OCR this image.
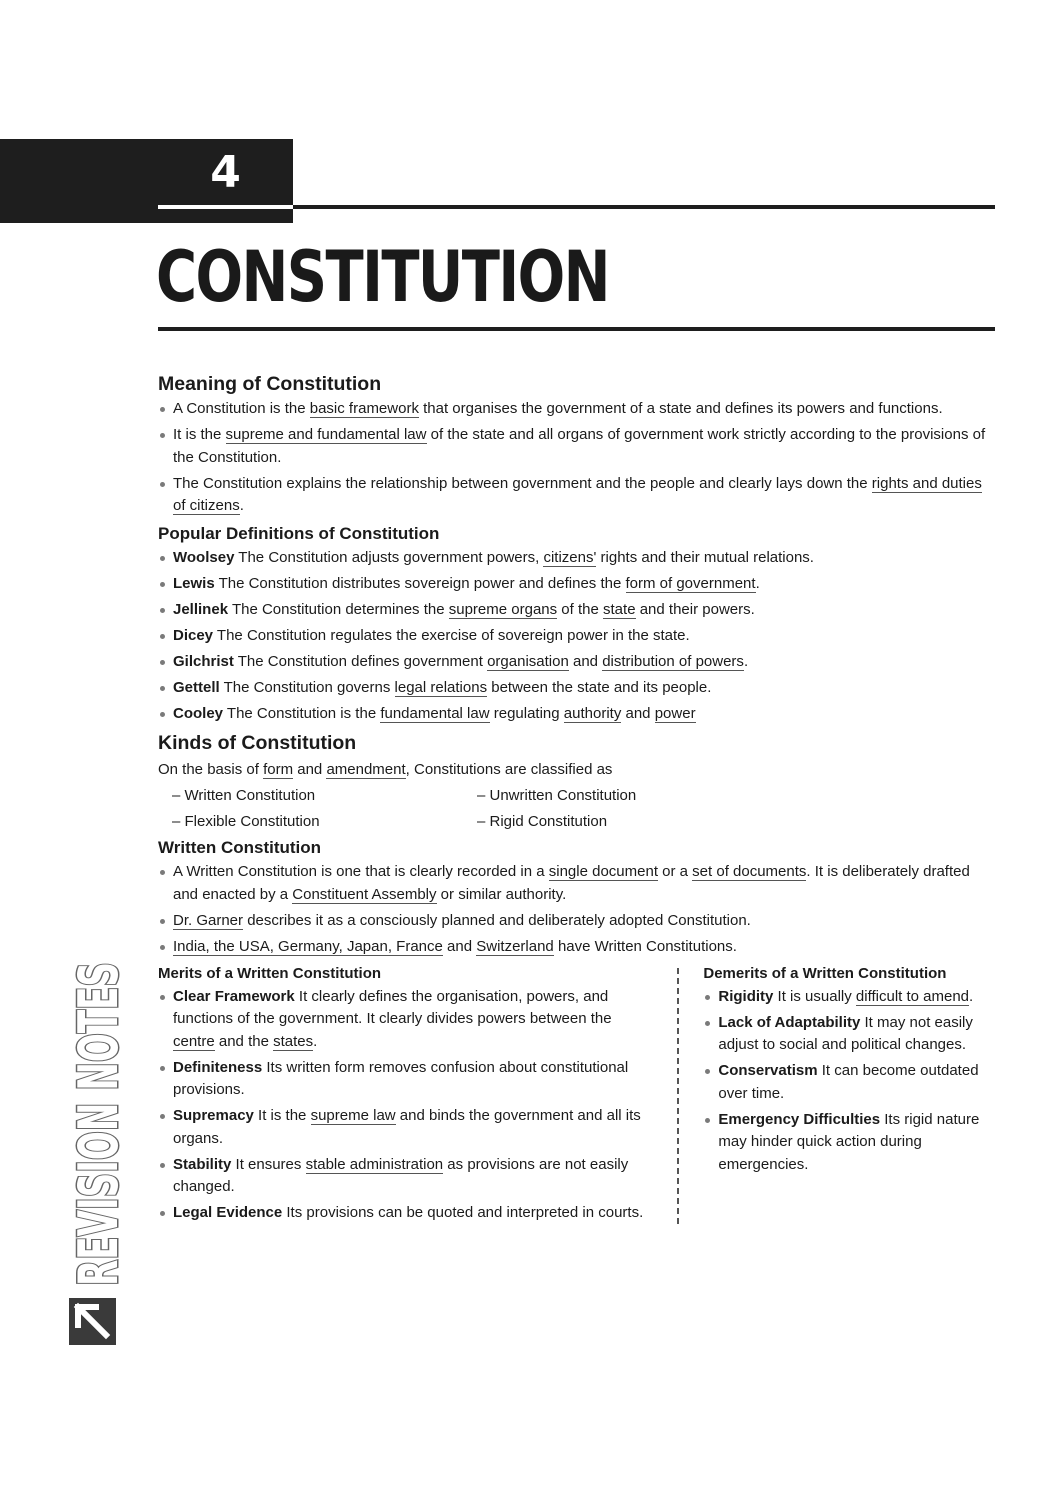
4
CONSTITUTION
REVISION NOTES
Meaning of Constitution
A Constitution is the basic framework that organises the government of a state and defines its powers and functions.
It is the supreme and fundamental law of the state and all organs of government work strictly according to the provisions of the Constitution.
The Constitution explains the relationship between government and the people and clearly lays down the rights and duties of citizens.
Popular Definitions of Constitution
Woolsey The Constitution adjusts government powers, citizens' rights and their mutual relations.
Lewis The Constitution distributes sovereign power and defines the form of government.
Jellinek The Constitution determines the supreme organs of the state and their powers.
Dicey The Constitution regulates the exercise of sovereign power in the state.
Gilchrist The Constitution defines government organisation and distribution of powers.
Gettell The Constitution governs legal relations between the state and its people.
Cooley The Constitution is the fundamental law regulating authority and power
Kinds of Constitution

On the basis of form and amendment, Constitutions are classified as

– Written Constitution	– Unwritten Constitution
– Flexible Constitution	– Rigid Constitution
Written Constitution
A Written Constitution is one that is clearly recorded in a single document or a set of documents. It is deliberately drafted and enacted by a Constituent Assembly or similar authority.
Dr. Garner describes it as a consciously planned and deliberately adopted Constitution.
India, the USA, Germany, Japan, France and Switzerland have Written Constitutions.
Merits of a Written Constitution
Clear Framework It clearly defines the organisation, powers, and functions of the government. It clearly divides powers between the centre and the states.
Definiteness Its written form removes confusion about constitutional provisions.
Supremacy It is the supreme law and binds the government and all its organs.
Stability It ensures stable administration as provisions are not easily changed.
Legal Evidence Its provisions can be quoted and interpreted in courts.
Demerits of a Written Constitution
Rigidity It is usually difficult to amend.
Lack of Adaptability It may not easily adjust to social and political changes.
Conservatism It can become outdated over time.
Emergency Difficulties Its rigid nature may hinder quick action during emergencies.
